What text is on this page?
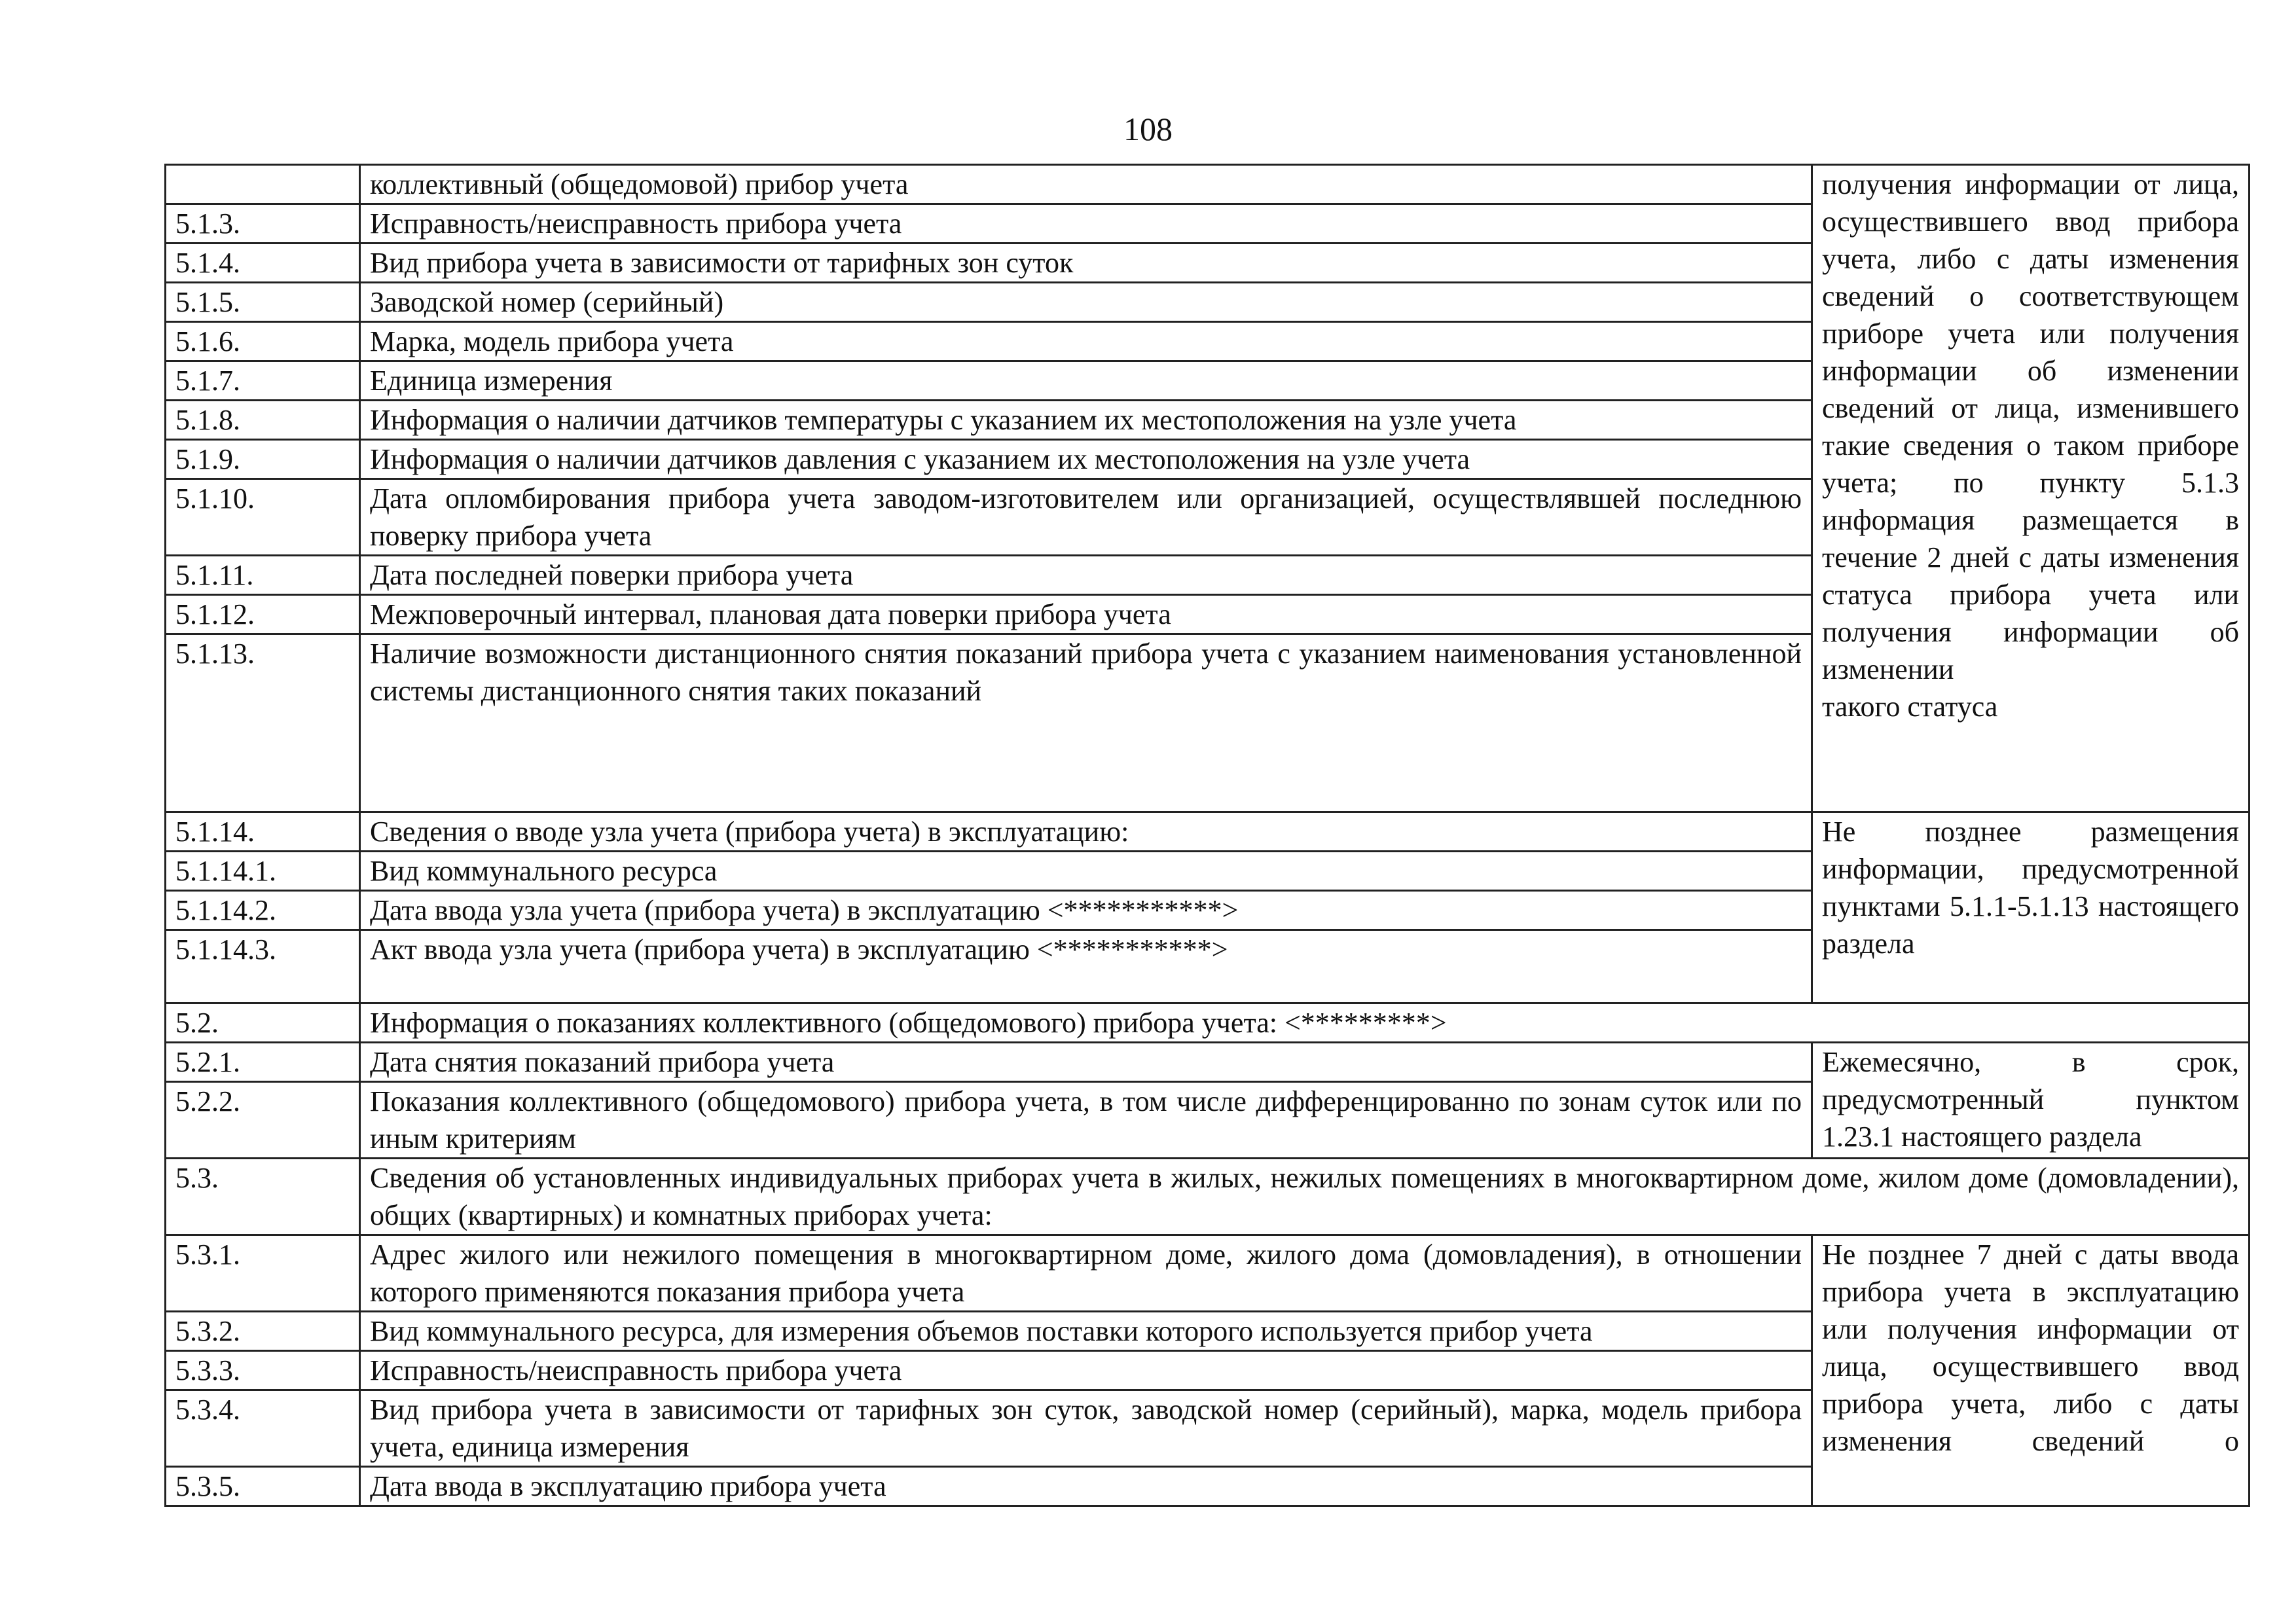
108
	коллективный (общедомовой) прибор учета	получения информации от лица, осуществившего ввод прибора учета, либо с даты изменения сведений о соответствующем приборе учета или получения информации об изменении сведений от лица, изменившего такие сведения о таком приборе учета; по пункту 5.1.3 информация размещается в течение 2 дней с даты изменения статуса прибора учета или получения информации об изменении
такого статуса

5.1.3.	Исправность/неисправность прибора учета	
5.1.4.	Вид прибора учета в зависимости от тарифных зон суток	
5.1.5.	Заводской номер (серийный)	
5.1.6.	Марка, модель прибора учета	
5.1.7.	Единица измерения	
5.1.8.	Информация о наличии датчиков температуры с указанием их местоположения на узле учета	
5.1.9.	Информация о наличии датчиков давления с указанием их местоположения на узле учета	
5.1.10.	Дата опломбирования прибора учета заводом-изготовителем или организацией, осуществлявшей последнюю поверку прибора учета	
5.1.11.	Дата последней поверки прибора учета	
5.1.12.	Межповерочный интервал, плановая дата поверки прибора учета	
5.1.13.	Наличие возможности дистанционного снятия показаний прибора учета с указанием наименования установленной системы дистанционного снятия таких показаний	
5.1.14.	Сведения о вводе узла учета (прибора учета) в эксплуатацию:	Не позднее размещения информации, предусмотренной пунктами 5.1.1-5.1.13 настоящего
раздела

5.1.14.1.	Вид коммунального ресурса	
5.1.14.2.	Дата ввода узла учета (прибора учета) в эксплуатацию <***********>	
5.1.14.3.	Акт ввода узла учета (прибора учета) в эксплуатацию <***********>	
5.2.	Информация о показаниях коллективного (общедомового) прибора учета: <*********>	
5.2.1.	Дата снятия показаний прибора учета	Ежемесячно, в срок, предусмотренный пунктом
1.23.1 настоящего раздела

5.2.2.	Показания коллективного (общедомового) прибора учета, в том числе дифференцированно по зонам суток или по иным критериям	
5.3.	Сведения об установленных индивидуальных приборах учета в жилых, нежилых помещениях в многоквартирном доме, жилом доме (домовладении), общих (квартирных) и комнатных приборах учета:	
5.3.1.	Адрес жилого или нежилого помещения в многоквартирном доме, жилого дома (домовладения), в отношении которого применяются показания прибора учета	Не позднее 7 дней с даты ввода прибора учета в эксплуатацию или получения информации от лица, осуществившего ввод прибора учета, либо с даты изменения сведений о
5.3.2.	Вид коммунального ресурса, для измерения объемов поставки которого используется прибор учета	
5.3.3.	Исправность/неисправность прибора учета	
5.3.4.	Вид прибора учета в зависимости от тарифных зон суток, заводской номер (серийный), марка, модель прибора учета, единица измерения	
5.3.5.	Дата ввода в эксплуатацию прибора учета	
